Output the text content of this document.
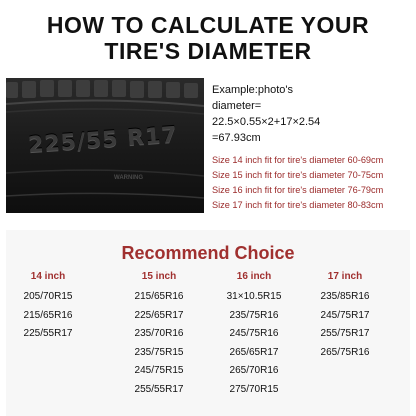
HOW TO CALCULATE YOUR
TIRE'S DIAMETER
225/55 R17
WARNING
Example:photo's
diameter=
22.5×0.55×2+17×2.54
=67.93cm
Size 14 inch fit for tire's diameter 60-69cm
Size 15 inch fit for tire's diameter 70-75cm
Size 16 inch fit for tire's diameter 76-79cm
Size 17 inch fit for tire's diameter 80-83cm
Recommend Choice
14 inch
205/70R15
215/65R16
225/55R17
15 inch
215/65R16
225/65R17
235/70R16
235/75R15
245/75R15
255/55R17
16 inch
31×10.5R15
235/75R16
245/75R16
265/65R17
265/70R16
275/70R15
17 inch
235/85R16
245/75R17
255/75R17
265/75R16
